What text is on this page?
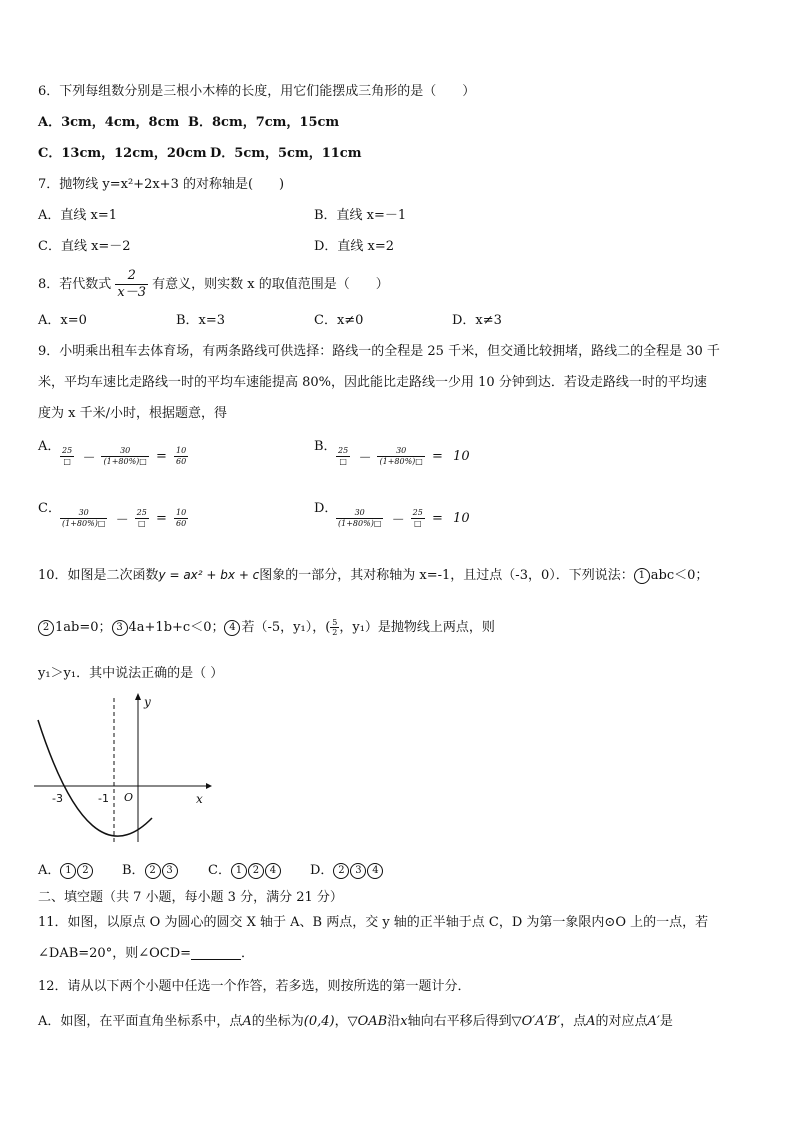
6．下列每组数分别是三根小木棒的长度，用它们能摆成三角形的是（　　）
A．3cm，4cm，8cm B．8cm，7cm，15cm
C．13cm，12cm，20cm D．5cm，5cm，11cm
7．抛物线 y=x²+2x+3 的对称轴是(　　)
A．直线 x=1	B．直线 x=－1
C．直线 x=－2	D．直线 x=2
8．若代数式 $\frac{2}{x-3}$ 有意义，则实数 x 的取值范围是（　　）
A．x=0	B．x=3	C．x≠0	D．x≠3
9．小明乘出租车去体育场，有两条路线可供选择：路线一的全程是 25 千米，但交通比较拥堵，路线二的全程是 30 千
米，平均车速比走路线一时的平均车速能提高 80%，因此能比走路线一少用 10 分钟到达．若设走路线一时的平均速
度为 x 千米/小时，根据题意，得
A． $\frac{25}{□} - \frac{30}{(1+80\%)□} = \frac{10}{60}$	B． $\frac{25}{□} - \frac{30}{(1+80\%)□} = 10$
C． $\frac{30}{(1+80\%)□} - \frac{25}{□} = \frac{10}{60}$	D．
$\frac{30}{(1+80\%)□} - \frac{25}{□} = 10$
10．如图是二次函数y = ax² + bx + c图象的一部分，其对称轴为 x=-1，且过点（-3，0）．下列说法： 1 abc＜0；
2 1ab=0； 3 4a+1b+c＜0； 4 若（-5，y₁），( $\frac{5}{2}$ ，y₁）是抛物线上两点，则
y₁＞y₁．其中说法正确的是（ ）
y
x
-3	-1 O
A． 1 2	B． 2 3	C． 1 2 4	D． 2 3 4
二、填空题（共 7 小题，每小题 3 分，满分 21 分）
11．如图，以原点 O 为圆心的圆交 X 轴于 A、B 两点，交 y 轴的正半轴于点 C，D 为第一象限内⊙O 上的一点，若
∠DAB=20°，则∠OCD=	．
12．请从以下两个小题中任选一个作答，若多选，则按所选的第一题计分．
A．如图，在平面直角坐标系中，点A的坐标为(0,4)，▽OAB沿x轴向右平移后得到▽O′A′B′，点A的对应点A′是
